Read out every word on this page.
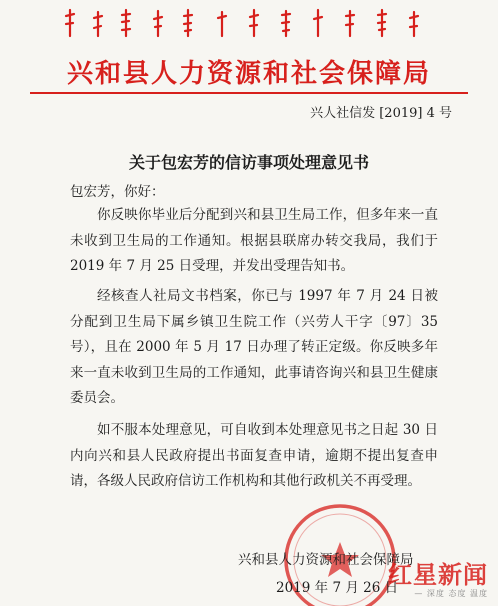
兴和县人力资源和社会保障局
兴人社信发 [2019] 4 号
关于包宏芳的信访事项处理意见书
包宏芳，你好：

你反映你毕业后分配到兴和县卫生局工作，但多年来一直未收到卫生局的工作通知。根据县联席办转交我局，我们于 2019 年 7 月 25 日受理，并发出受理告知书。

经核查人社局文书档案，你已与 1997 年 7 月 24 日被分配到卫生局下属乡镇卫生院工作（兴劳人干字〔97〕35 号），且在 2000 年 5 月 17 日办理了转正定级。你反映多年来一直未收到卫生局的工作通知，此事请咨询兴和县卫生健康委员会。

如不服本处理意见，可自收到本处理意见书之日起 30 日内向兴和县人民政府提出书面复查申请，逾期不提出复查申请，各级人民政府信访工作机构和其他行政机关不再受理。

兴和县人力资源和社会保障局
2019 年 7 月 26 日
红星新闻
— 深度 态度 温度
